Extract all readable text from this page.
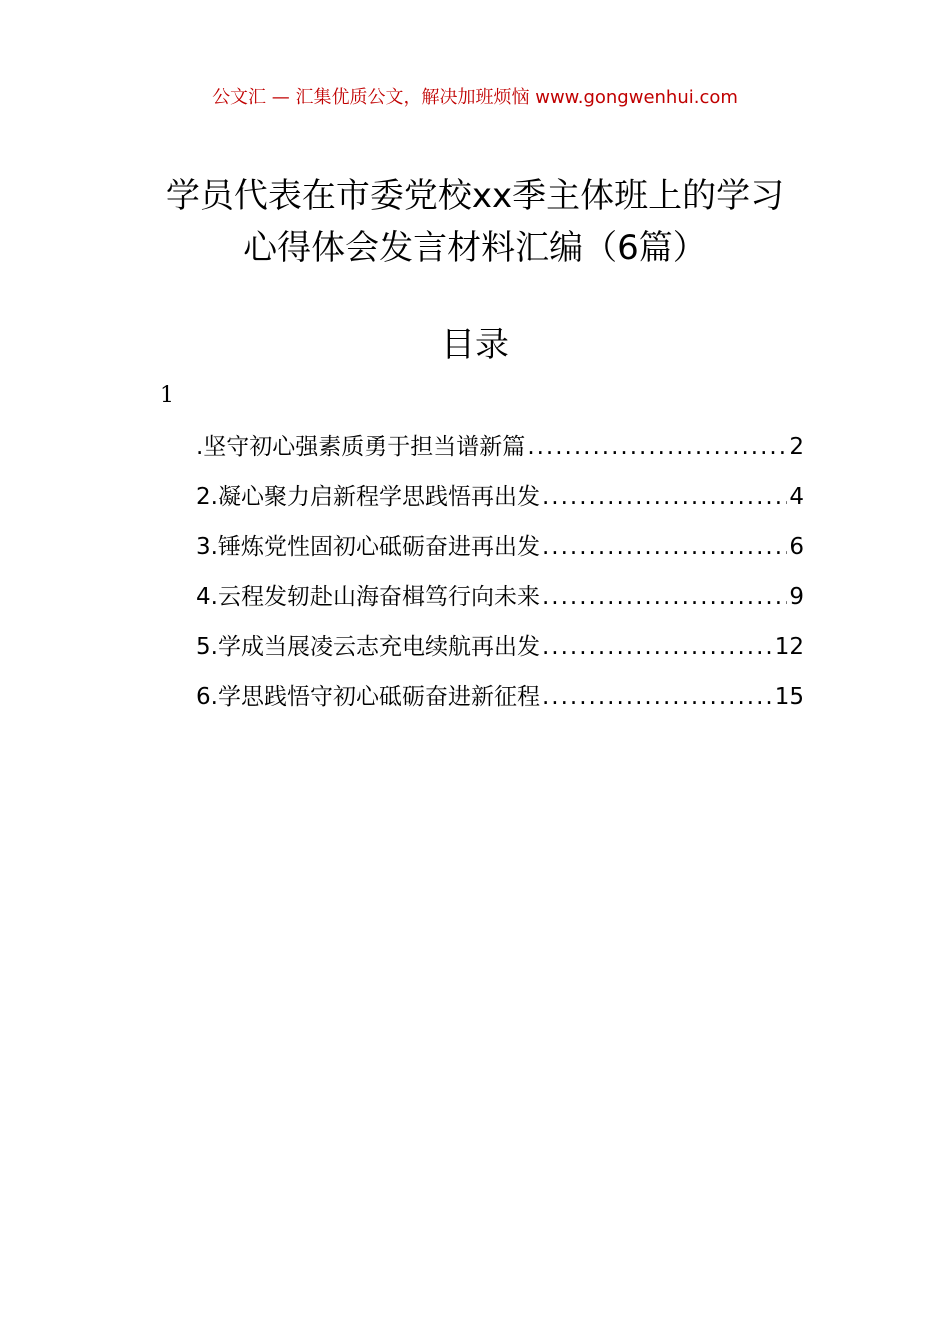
公文汇 — 汇集优质公文，解决加班烦恼 www.gongwenhui.com
学员代表在市委党校xx季主体班上的学习
心得体会发言材料汇编（6篇）
目录
1
.坚守初心强素质勇于担当谱新篇 .....	2
2.凝心聚力启新程学思践悟再出发 .....	4
3.锤炼党性固初心砥砺奋进再出发 .....	6
4.云程发轫赴山海奋楫笃行向未来 .....	9
5.学成当展凌云志充电续航再出发 .....	12
6.学思践悟守初心砥砺奋进新征程 .....	15
